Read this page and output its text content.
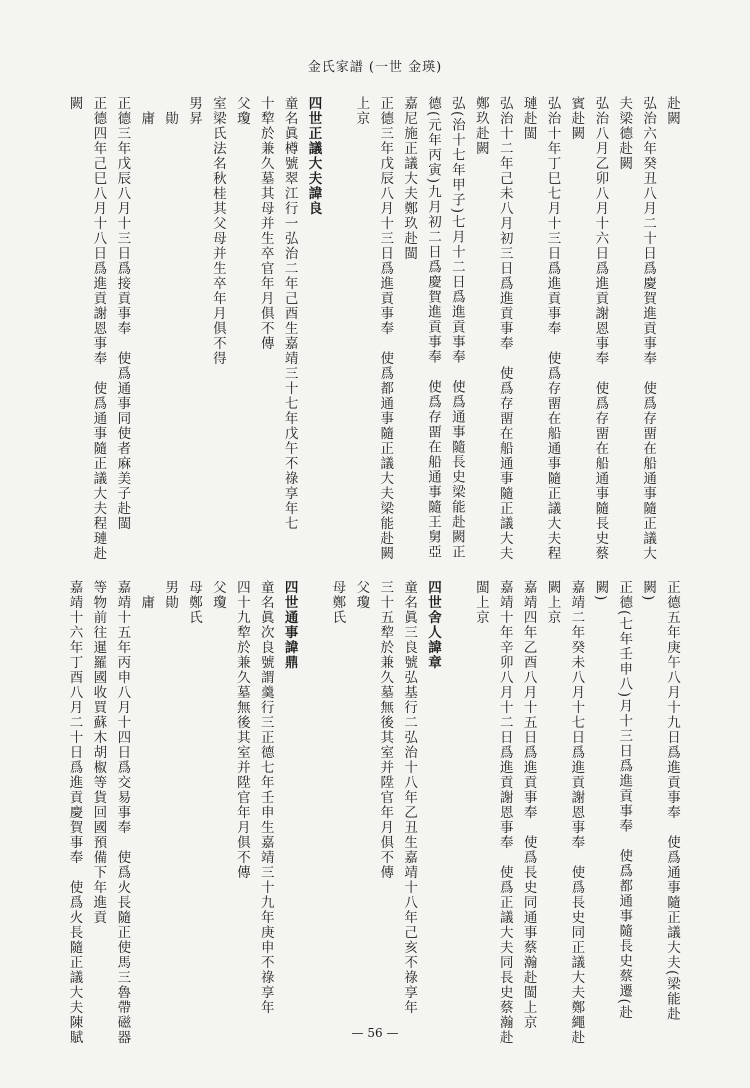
金氏家譜 (一世 金瑛)
赴闕
弘治六年癸丑八月二十日爲慶賀進貢事奉　使爲存畱在船通事隨正議大
夫梁德赴闕
弘治八月乙卯八月十六日爲進貢謝恩事奉　使爲存畱在船通事隨長史蔡
賓赴闕
弘治十年丁巳七月十三日爲進貢事奉　使爲存畱在船通事隨正議大夫程
璉赴閩
弘治十二年己未八月初三日爲進貢事奉　使爲存畱在船通事隨正議大夫
鄭玖赴闕
弘(治十七年甲子)七月十二日爲進貢事奉　使爲通事隨長史梁能赴闕正
德(元年丙寅)九月初二日爲慶賀進貢事奉　使爲存畱在船通事隨王舅亞
嘉尼施正議大夫鄭玖赴閩
正德三年戊辰八月十三日爲進貢事奉　使爲都通事隨正議大夫梁能赴闕
上京
四世正議大夫諱良
童名眞樽號翠江行一弘治二年己酉生嘉靖三十七年戊午不祿享年七
十犂於兼久墓其母并生卒官年月俱不傳
父瓊
室梁氏法名秋桂其父母并生卒年月俱不得
男昇
　勛
　庸
正德三年戊辰八月十三日爲接貢事奉　使爲通事同使者麻美子赴閩
正德四年己巳八月十八日爲進貢謝恩事奉　使爲通事隨正議大夫程璉赴
闕
正德五年庚午八月十九日爲進貢事奉　使爲通事隨正議大夫(梁能赴
闕)
正德(七年壬申八)月十三日爲進貢事奉　使爲都通事隨長史蔡遷(赴
闕)
嘉靖二年癸未八月十七日爲進貢謝恩事奉　使爲長史同正議大夫鄭繩赴
闕上京
嘉靖四年乙酉八月十五日爲進貢事奉　使爲長史同通事蔡瀚赴閩上京
嘉靖十年辛卯八月十二日爲進貢謝恩事奉　使爲正議大夫同長史蔡瀚赴
閩上京
四世舍人諱章
童名眞三良號弘基行二弘治十八年乙丑生嘉靖十八年己亥不祿享年
三十五犂於兼久墓無後其室并陞官年月俱不傳
父瓊
母鄭氏
四世通事諱鼎
童名眞次良號謂羹行三正德七年壬申生嘉靖三十九年庚申不祿享年
四十九犂於兼久墓無後其室并陞官年月俱不傳
父瓊
母鄭氏
男勛
　庸
嘉靖十五年丙申八月十四日爲交易事奉　使爲火長隨正使馬三魯帶磁器
等物前往暹羅國收買蘇木胡椒等貨回國預備下年進貢
嘉靖十六年丁酉八月二十日爲進貢慶賀事奉　使爲火長隨正議大夫陳賦	— 56 —
